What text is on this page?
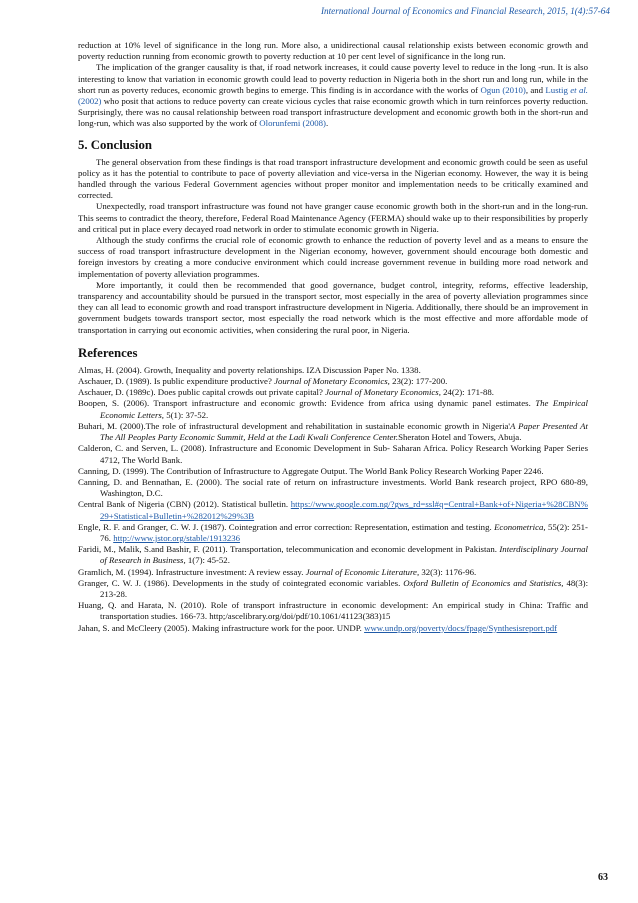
International Journal of Economics and Financial Research, 2015, 1(4):57-64

reduction at 10% level of significance in the long run. More also, a unidirectional causal relationship exists between economic growth and poverty reduction running from economic growth to poverty reduction at 10 per cent level of significance in the long run.

The implication of the granger causality is that, if road network increases, it could cause poverty level to reduce in the long -run. It is also interesting to know that variation in economic growth could lead to poverty reduction in Nigeria both in the short run and long run, while in the short run as poverty reduces, economic growth begins to emerge. This finding is in accordance with the works of Ogun (2010), and Lustig et al. (2002) who posit that actions to reduce poverty can create vicious cycles that raise economic growth which in turn reinforces poverty reduction. Surprisingly, there was no causal relationship between road transport infrastructure development and economic growth both in the short-run and long-run, which was also supported by the work of Olorunfemi (2008).

5. Conclusion

The general observation from these findings is that road transport infrastructure development and economic growth could be seen as useful policy as it has the potential to contribute to pace of poverty alleviation and vice-versa in the Nigerian economy. However, the way it is being handled through the various Federal Government agencies without proper monitor and implementation needs to be critically examined and corrected.

Unexpectedly, road transport infrastructure was found not have granger cause economic growth both in the short-run and in the long-run. This seems to contradict the theory, therefore, Federal Road Maintenance Agency (FERMA) should wake up to their responsibilities by properly and critical put in place every decayed road network in order to stimulate economic growth in Nigeria.

Although the study confirms the crucial role of economic growth to enhance the reduction of poverty level and as a means to ensure the success of road transport infrastructure development in the Nigerian economy, however, government should encourage both domestic and foreign investors by creating a more conducive environment which could increase government revenue in building more road network and implementation of poverty alleviation programmes.

More importantly, it could then be recommended that good governance, budget control, integrity, reforms, effective leadership, transparency and accountability should be pursued in the transport sector, most especially in the area of poverty alleviation programmes since they can all lead to economic growth and road transport infrastructure development in Nigeria. Additionally, there should be an improvement in government budgets towards transport sector, most especially the road network which is the most effective and more affordable mode of transportation in carrying out economic activities, when considering the rural poor, in Nigeria.

References

Almas, H. (2004). Growth, Inequality and poverty relationships. IZA Discussion Paper No. 1338.

Aschauer, D. (1989). Is public expenditure productive? Journal of Monetary Economics, 23(2): 177-200.

Aschauer, D. (1989c). Does public capital crowds out private capital? Journal of Monetary Economics, 24(2): 171-88.

Boopen, S. (2006). Transport infrastructure and economic growth: Evidence from africa using dynamic panel estimates. The Empirical Economic Letters, 5(1): 37-52.

Buhari, M. (2000).The role of infrastructural development and rehabilitation in sustainable economic growth in Nigeria'A Paper Presented At The All Peoples Party Economic Summit, Held at the Ladi Kwali Conference Center.Sheraton Hotel and Towers, Abuja.

Calderon, C. and Serven, L. (2008). Infrastructure and Economic Development in Sub- Saharan Africa. Policy Research Working Paper Series 4712, The World Bank.

Canning, D. (1999). The Contribution of Infrastructure to Aggregate Output. The World Bank Policy Research Working Paper 2246.

Canning, D. and Bennathan, E. (2000). The social rate of return on infrastructure investments. World Bank research project, RPO 680-89, Washington, D.C.

Central Bank of Nigeria (CBN) (2012). Statistical bulletin. https://www.google.com.ng/?gws_rd=ssl#q=Central+Bank+of+Nigeria+%28CBN%29+Statistical+Bulletin+%282012%29%3B

Engle, R. F. and Granger, C. W. J. (1987). Cointegration and error correction: Representation, estimation and testing. Econometrica, 55(2): 251-76. http://www.jstor.org/stable/1913236

Faridi, M., Malik, S.and Bashir, F. (2011). Transportation, telecommunication and economic development in Pakistan. Interdisciplinary Journal of Research in Business, 1(7): 45-52.

Gramlich, M. (1994). Infrastructure investment: A review essay. Journal of Economic Literature, 32(3): 1176-96.

Granger, C. W. J. (1986). Developments in the study of cointegrated economic variables. Oxford Bulletin of Economics and Statistics, 48(3): 213-28.

Huang, Q. and Harata, N. (2010). Role of transport infrastructure in economic development: An empirical study in China: Traffic and transportation studies. 166-73. http;/ascelibrary.org/doi/pdf/10.1061/41123(383)15

Jahan, S. and McCleery (2005). Making infrastructure work for the poor. UNDP. www.undp.org/poverty/docs/fpage/Synthesisreport.pdf

63
